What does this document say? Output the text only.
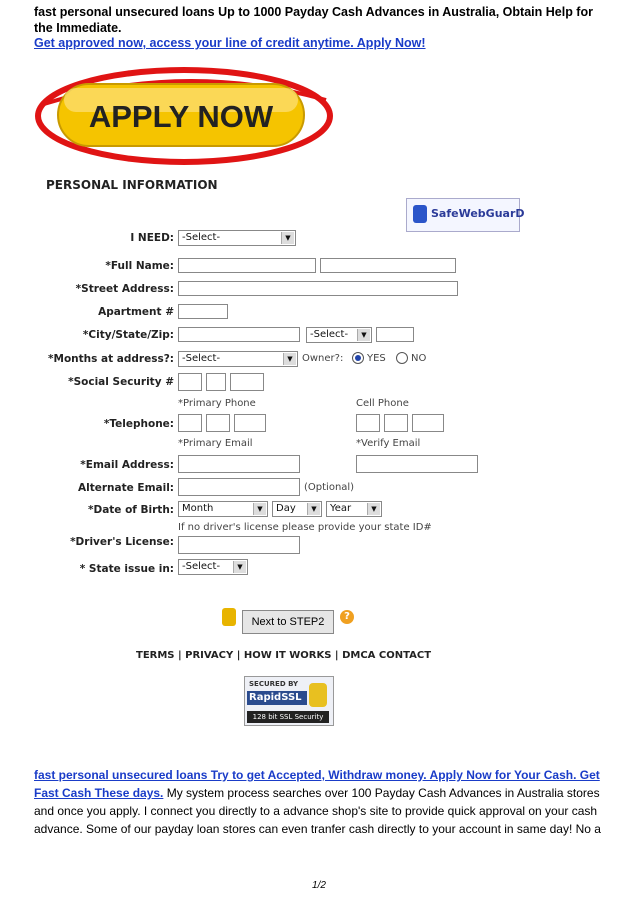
fast personal unsecured loans Up to 1000 Payday Cash Advances in Australia, Obtain Help for the Immediate.
Get approved now, access your line of credit anytime. Apply Now!
APPLY NOW
PERSONAL INFORMATION
SafeWebGuarD
I NEED: -Select-	▼
*Full Name:
*Street Address:
Apartment #
*City/State/Zip:	-Select-	▼
*Months at address?: -Select-	▼ Owner?: YES	NO
*Social Security #
*Primary Phone	Cell Phone
*Telephone:
*Primary Email	*Verify Email
*Email Address:
Alternate Email:	(Optional)
*Date of Birth: Month	▼	Day	▼	Year	▼
If no driver's license please provide your state ID#
*Driver's License:
* State issue in: -Select-	▼
Next to STEP2	?
TERMS | PRIVACY | HOW IT WORKS | DMCA CONTACT
SECURED BY
RapidSSL
128 bit SSL Security
fast personal unsecured loans Try to get Accepted, Withdraw money. Apply Now for Your Cash. Get Fast Cash These days. My system process searches over 100 Payday Cash Advances in Australia stores and once you apply. I connect you directly to a advance shop's site to provide quick approval on your cash advance. Some of our payday loan stores can even tranfer cash directly to your account in same day! No a
1/2
